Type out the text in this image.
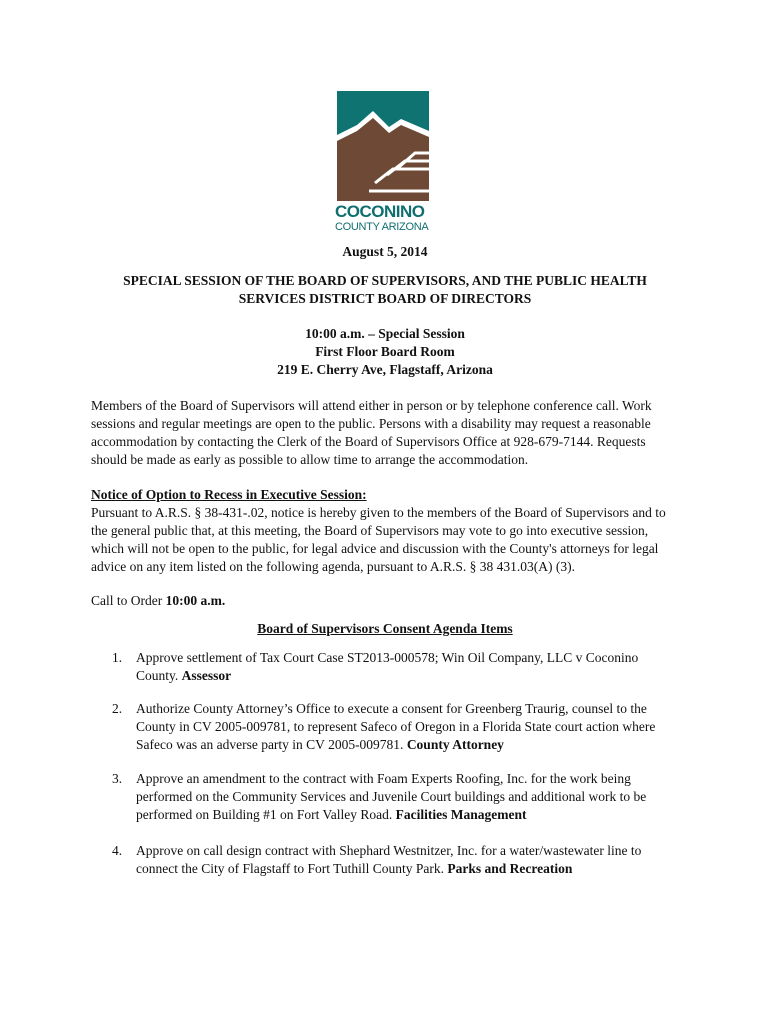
COCONINO
COUNTY ARIZONA
August 5, 2014
SPECIAL SESSION OF THE BOARD OF SUPERVISORS, AND THE PUBLIC HEALTH SERVICES DISTRICT BOARD OF DIRECTORS
10:00 a.m. – Special Session
First Floor Board Room
219 E. Cherry Ave, Flagstaff, Arizona
Members of the Board of Supervisors will attend either in person or by telephone conference call. Work sessions and regular meetings are open to the public. Persons with a disability may request a reasonable accommodation by contacting the Clerk of the Board of Supervisors Office at 928-679-7144. Requests should be made as early as possible to allow time to arrange the accommodation.
Notice of Option to Recess in Executive Session:
Pursuant to A.R.S. § 38-431-.02, notice is hereby given to the members of the Board of Supervisors and to the general public that, at this meeting, the Board of Supervisors may vote to go into executive session, which will not be open to the public, for legal advice and discussion with the County's attorneys for legal advice on any item listed on the following agenda, pursuant to A.R.S. § 38 431.03(A) (3).
Call to Order 10:00 a.m.
Board of Supervisors Consent Agenda Items
1.	Approve settlement of Tax Court Case ST2013-000578; Win Oil Company, LLC v Coconino County. Assessor
2.	Authorize County Attorney’s Office to execute a consent for Greenberg Traurig, counsel to the County in CV 2005-009781, to represent Safeco of Oregon in a Florida State court action where Safeco was an adverse party in CV 2005-009781. County Attorney
3.	Approve an amendment to the contract with Foam Experts Roofing, Inc. for the work being performed on the Community Services and Juvenile Court buildings and additional work to be performed on Building #1 on Fort Valley Road. Facilities Management
4.	Approve on call design contract with Shephard Westnitzer, Inc. for a water/wastewater line to connect the City of Flagstaff to Fort Tuthill County Park. Parks and Recreation
